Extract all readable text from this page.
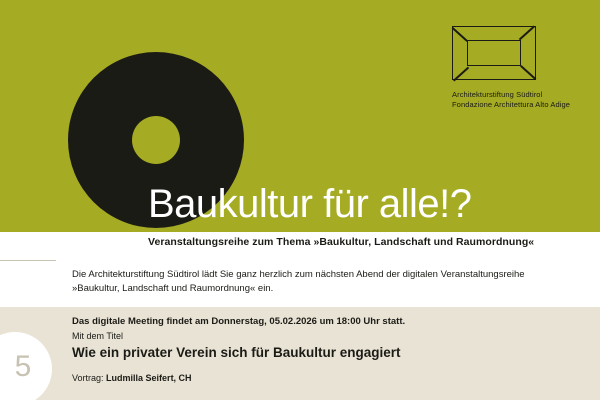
Baukultur für alle!?
Architekturstiftung Südtirol
Fondazione Architettura Alto Adige
Veranstaltungsreihe zum Thema »Baukultur, Landschaft und Raumordnung«
Die Architekturstiftung Südtirol lädt Sie ganz herzlich zum nächsten Abend der digitalen Veranstaltungsreihe »Baukultur, Landschaft und Raumordnung« ein.
5
Das digitale Meeting findet am Donnerstag, 05.02.2026 um 18:00 Uhr statt.
Mit dem Titel
Wie ein privater Verein sich für Baukultur engagiert
Vortrag: Ludmilla Seifert, CH
